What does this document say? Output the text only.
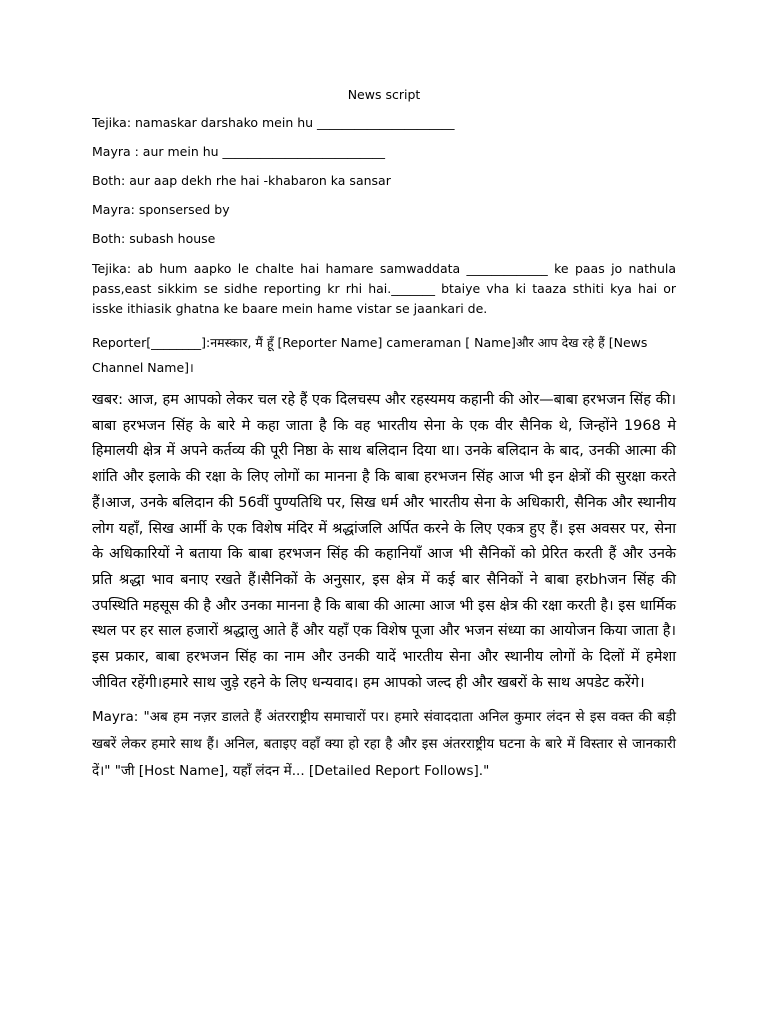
News script
Tejika: namaskar darshako mein hu ______________________
Mayra : aur mein hu __________________________
Both: aur aap dekh rhe hai -khabaron ka sansar
Mayra: sponsersed by
Both: subash house

Tejika: ab hum aapko le chalte hai hamare samwaddata _____________ ke paas jo nathula pass,east sikkim se sidhe reporting kr rhi hai._______ btaiye vha ki taaza sthiti kya hai or isske ithiasik ghatna ke baare mein hame vistar se jaankari de.

Reporter[________]:नमस्कार, मैं हूँ [Reporter Name] cameraman [ Name]और आप देख रहे हैं [News Channel Name]।

खबर: आज, हम आपको लेकर चल रहे हैं एक दिलचस्प और रहस्यमय कहानी की ओर—बाबा हरभजन सिंह की।बाबा हरभजन सिंह के बारे मे कहा जाता है कि वह भारतीय सेना के एक वीर सैनिक थे, जिन्होंने 1968 मे हिमालयी क्षेत्र में अपने कर्तव्य की पूरी निष्ठा के साथ बलिदान दिया था। उनके बलिदान के बाद, उनकी आत्मा की शांति और इलाके की रक्षा के लिए लोगों का मानना है कि बाबा हरभजन सिंह आज भी इन क्षेत्रों की सुरक्षा करते हैं।आज, उनके बलिदान की 56वीं पुण्यतिथि पर, सिख धर्म और भारतीय सेना के अधिकारी, सैनिक और स्थानीय लोग यहाँ, सिख आर्मी के एक विशेष मंदिर में श्रद्धांजलि अर्पित करने के लिए एकत्र हुए हैं। इस अवसर पर, सेना के अधिकारियों ने बताया कि बाबा हरभजन सिंह की कहानियाँ आज भी सैनिकों को प्रेरित करती हैं और उनके प्रति श्रद्धा भाव बनाए रखते हैं।सैनिकों के अनुसार, इस क्षेत्र में कई बार सैनिकों ने बाबा हरbhजन सिंह की उपस्थिति महसूस की है और उनका मानना है कि बाबा की आत्मा आज भी इस क्षेत्र की रक्षा करती है। इस धार्मिक स्थल पर हर साल हजारों श्रद्धालु आते हैं और यहाँ एक विशेष पूजा और भजन संध्या का आयोजन किया जाता है।इस प्रकार, बाबा हरभजन सिंह का नाम और उनकी यादें भारतीय सेना और स्थानीय लोगों के दिलों में हमेशा जीवित रहेंगी।हमारे साथ जुड़े रहने के लिए धन्यवाद। हम आपको जल्द ही और खबरों के साथ अपडेट करेंगे।

Mayra: "अब हम नज़र डालते हैं अंतरराष्ट्रीय समाचारों पर। हमारे संवाददाता अनिल कुमार लंदन से इस वक्त की बड़ी खबरें लेकर हमारे साथ हैं। अनिल, बताइए वहाँ क्या हो रहा है और इस अंतरराष्ट्रीय घटना के बारे में विस्तार से जानकारी दें।" "जी [Host Name], यहाँ लंदन में... [Detailed Report Follows]."
